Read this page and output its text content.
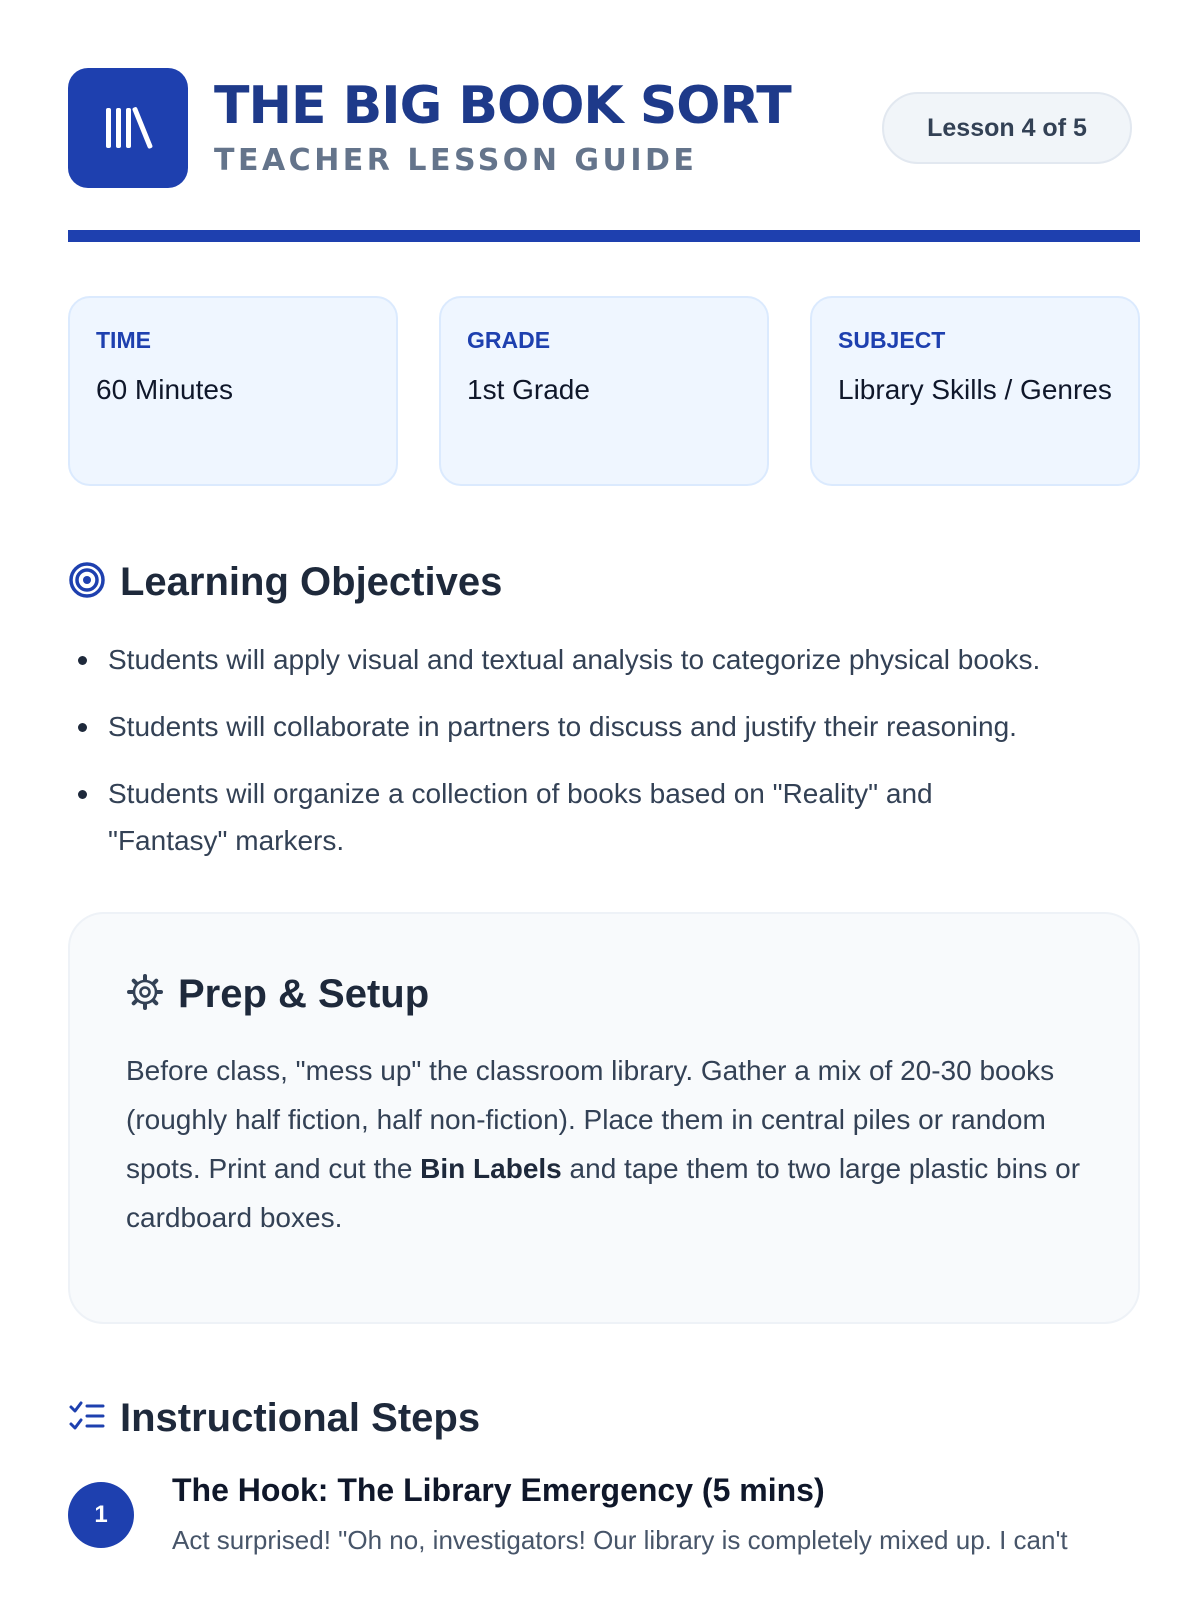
THE BIG BOOK SORT
TEACHER LESSON GUIDE
Lesson 4 of 5
TIME
60 Minutes
GRADE
1st Grade
SUBJECT
Library Skills / Genres
Learning Objectives
Students will apply visual and textual analysis to categorize physical books.
Students will collaborate in partners to discuss and justify their reasoning.
Students will organize a collection of books based on "Reality" and "Fantasy" markers.
Prep & Setup

Before class, "mess up" the classroom library. Gather a mix of 20-30 books (roughly half fiction, half non-fiction). Place them in central piles or random spots. Print and cut the Bin Labels and tape them to two large plastic bins or cardboard boxes.

Instructional Steps
1
The Hook: The Library Emergency (5 mins)
Act surprised! "Oh no, investigators! Our library is completely mixed up. I can't
